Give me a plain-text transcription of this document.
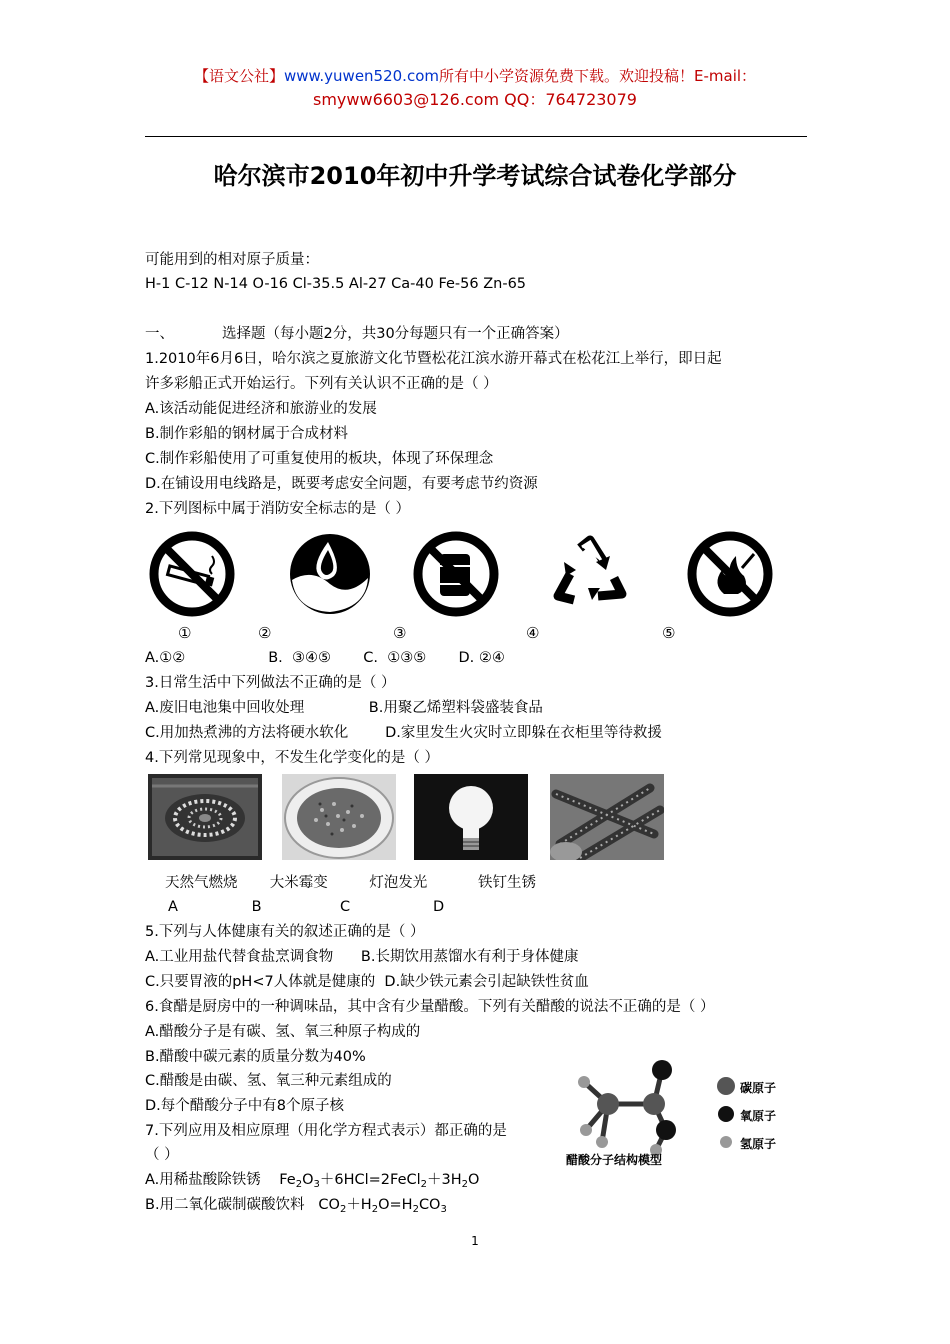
【语文公社】www.yuwen520.com所有中小学资源免费下载。欢迎投稿！E-mail：
smyww6603@126.com QQ：764723079
哈尔滨市2010年初中升学考试综合试卷化学部分
可能用到的相对原子质量：
H-1 C-12 N-14 O-16 Cl-35.5 Al-27 Ca-40 Fe-56 Zn-65
一、	选择题（每小题2分，共30分每题只有一个正确答案）
1.2010年6月6日，哈尔滨之夏旅游文化节暨松花江滨水游开幕式在松花江上举行，即日起
许多彩船正式开始运行。下列有关认识不正确的是（ ）
A.该活动能促进经济和旅游业的发展
B.制作彩船的钢材属于合成材料
C.制作彩船使用了可重复使用的板块，体现了环保理念
D.在铺设用电线路是，既要考虑安全问题，有要考虑节约资源
2.下列图标中属于消防安全标志的是（ ）
①	②	③	④	⑤
A.①②                  B.  ③④⑤       C.  ①③⑤       D. ②④
3.日常生活中下列做法不正确的是（ ）
A.废旧电池集中回收处理              B.用聚乙烯塑料袋盛装食品
C.用加热煮沸的方法将硬水软化        D.家里发生火灾时立即躲在衣柜里等待救援
4.下列常见现象中，不发生化学变化的是（ ）
天然气燃烧       大米霉变         灯泡发光           铁钉生锈
A                B                 C                  D
5.下列与人体健康有关的叙述正确的是（ ）
A.工业用盐代替食盐烹调食物      B.长期饮用蒸馏水有利于身体健康
C.只要胃液的pH<7人体就是健康的  D.缺少铁元素会引起缺铁性贫血
6.食醋是厨房中的一种调味品，其中含有少量醋酸。下列有关醋酸的说法不正确的是（ ）
A.醋酸分子是有碳、氢、氧三种原子构成的
B.醋酸中碳元素的质量分数为40%
C.醋酸是由碳、氢、氧三种元素组成的
D.每个醋酸分子中有8个原子核
碳原子
氧原子
氢原子
醋酸分子结构模型
7.下列应用及相应原理（用化学方程式表示）都正确的是
（ ）
A.用稀盐酸除铁锈    $Fe_2O_3+6HCl=2FeCl_2+3H_2O$
B.用二氧化碳制碳酸饮料   $CO_2+H_2O=H_2CO_3$
1
